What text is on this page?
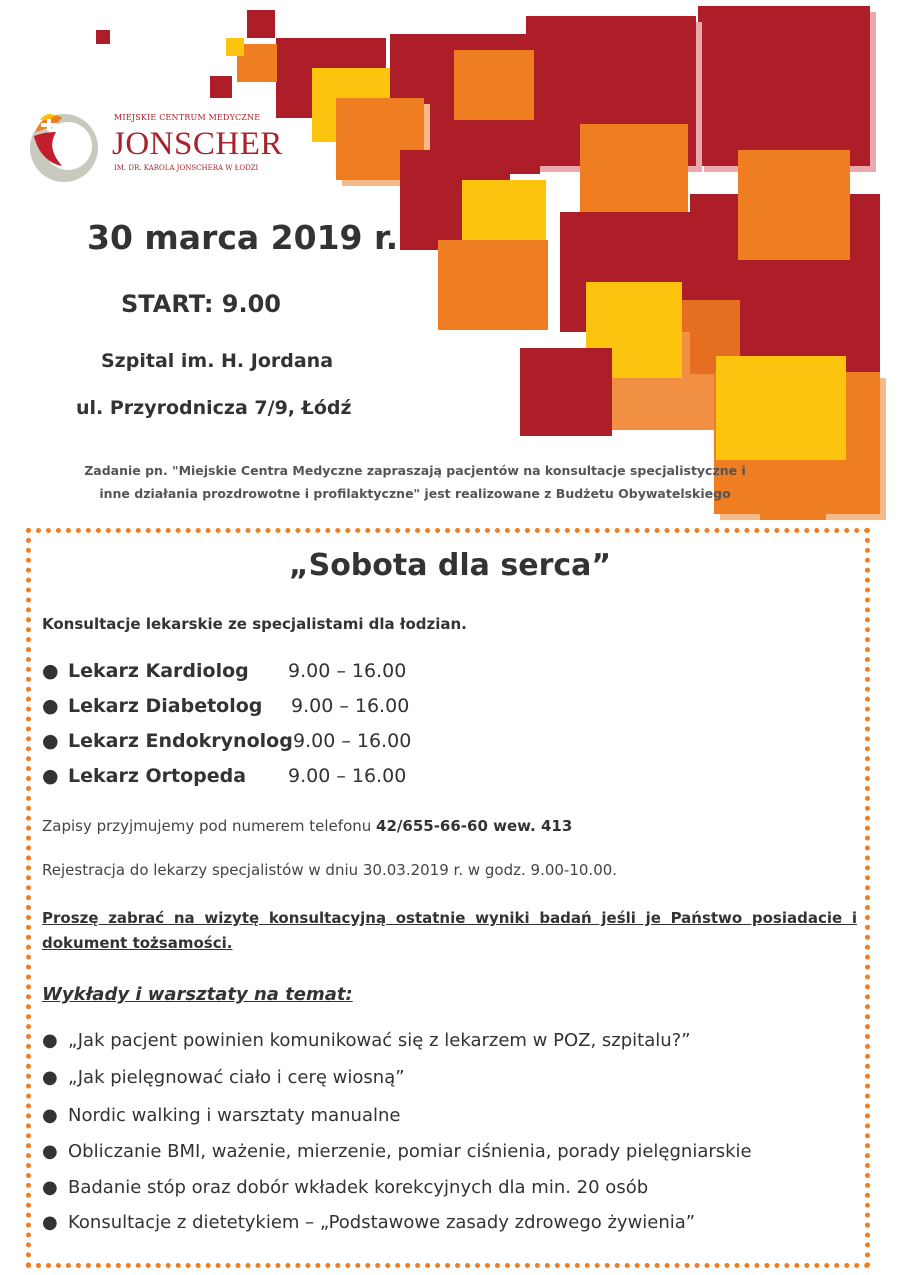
MIEJSKIE CENTRUM MEDYCZNE
JONSCHER
IM. DR. KAROLA JONSCHERA W ŁODZI
30 marca 2019 r.
START: 9.00
Szpital im. H. Jordana
ul. Przyrodnicza 7/9, Łódź
Zadanie pn. "Miejskie Centra Medyczne zapraszają pacjentów na konsultacje specjalistyczne i
inne działania prozdrowotne i profilaktyczne" jest realizowane z Budżetu Obywatelskiego
„Sobota dla serca”
Konsultacje lekarskie ze specjalistami dla łodzian.
● Lekarz Kardiolog 9.00 – 16.00
● Lekarz Diabetolog 9.00 – 16.00
● Lekarz Endokrynolog 9.00 – 16.00
● Lekarz Ortopeda 9.00 – 16.00
Zapisy przyjmujemy pod numerem telefonu 42/655-66-60 wew. 413
Rejestracja do lekarzy specjalistów w dniu 30.03.2019 r. w godz. 9.00-10.00.
Proszę zabrać na wizytę konsultacyjną ostatnie wyniki badań jeśli je Państwo posiadacie i dokument tożsamości.
Wykłady i warsztaty na temat:
● „Jak pacjent powinien komunikować się z lekarzem w POZ, szpitalu?”
● „Jak pielęgnować ciało i cerę wiosną”
● Nordic walking i warsztaty manualne
● Obliczanie BMI, ważenie, mierzenie, pomiar ciśnienia, porady pielęgniarskie
● Badanie stóp oraz dobór wkładek korekcyjnych dla min. 20 osób
● Konsultacje z dietetykiem – „Podstawowe zasady zdrowego żywienia”
